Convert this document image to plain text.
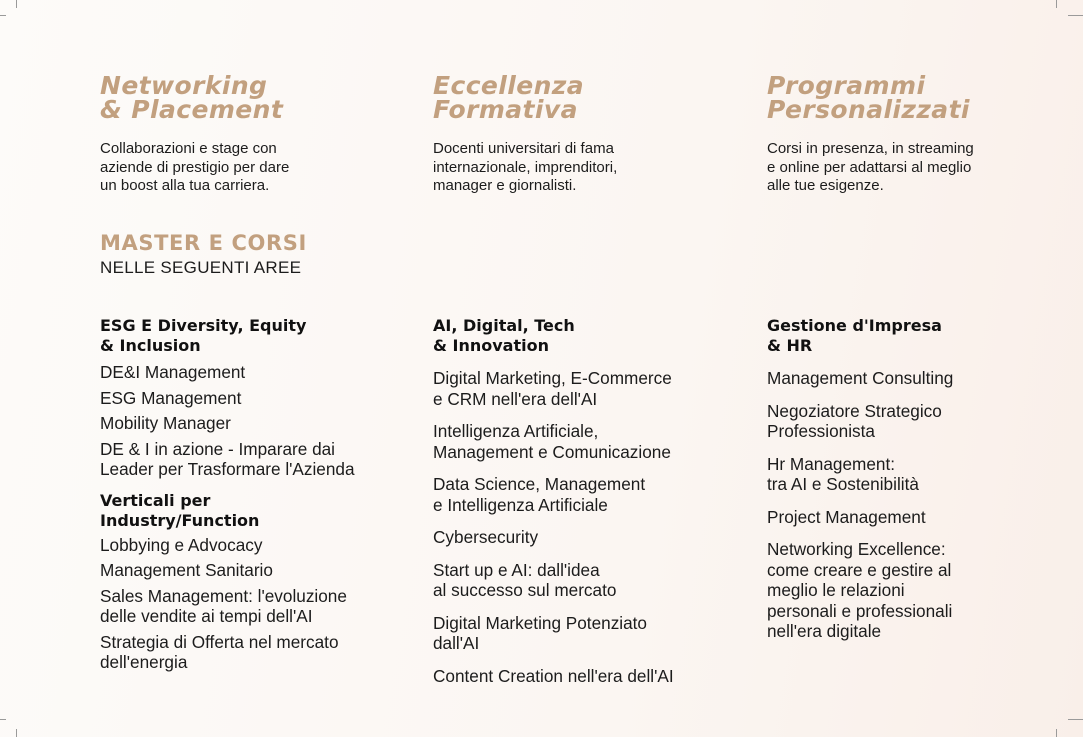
Networking
& Placement

Collaborazioni e stage con
aziende di prestigio per dare
un boost alla tua carriera.

Eccellenza
Formativa

Docenti universitari di fama
internazionale, imprenditori,
manager e giornalisti.

Programmi
Personalizzati

Corsi in presenza, in streaming
e online per adattarsi al meglio
alle tue esigenze.

MASTER E CORSI

NELLE SEGUENTI AREE

ESG E Diversity, Equity
& Inclusion

DE&I Management

ESG Management

Mobility Manager

DE & I in azione - Imparare dai
Leader per Trasformare l'Azienda

Verticali per
Industry/Function

Lobbying e Advocacy

Management Sanitario

Sales Management: l'evoluzione
delle vendite ai tempi dell'AI

Strategia di Offerta nel mercato
dell'energia

AI, Digital, Tech
& Innovation

Digital Marketing, E-Commerce
e CRM nell'era dell'AI

Intelligenza Artificiale,
Management e Comunicazione

Data Science, Management
e Intelligenza Artificiale

Cybersecurity

Start up e AI: dall'idea
al successo sul mercato

Digital Marketing Potenziato
dall'AI

Content Creation nell'era dell'AI

Gestione d'Impresa
& HR

Management Consulting

Negoziatore Strategico
Professionista

Hr Management:
tra AI e Sostenibilità

Project Management

Networking Excellence:
come creare e gestire al
meglio le relazioni
personali e professionali
nell'era digitale
